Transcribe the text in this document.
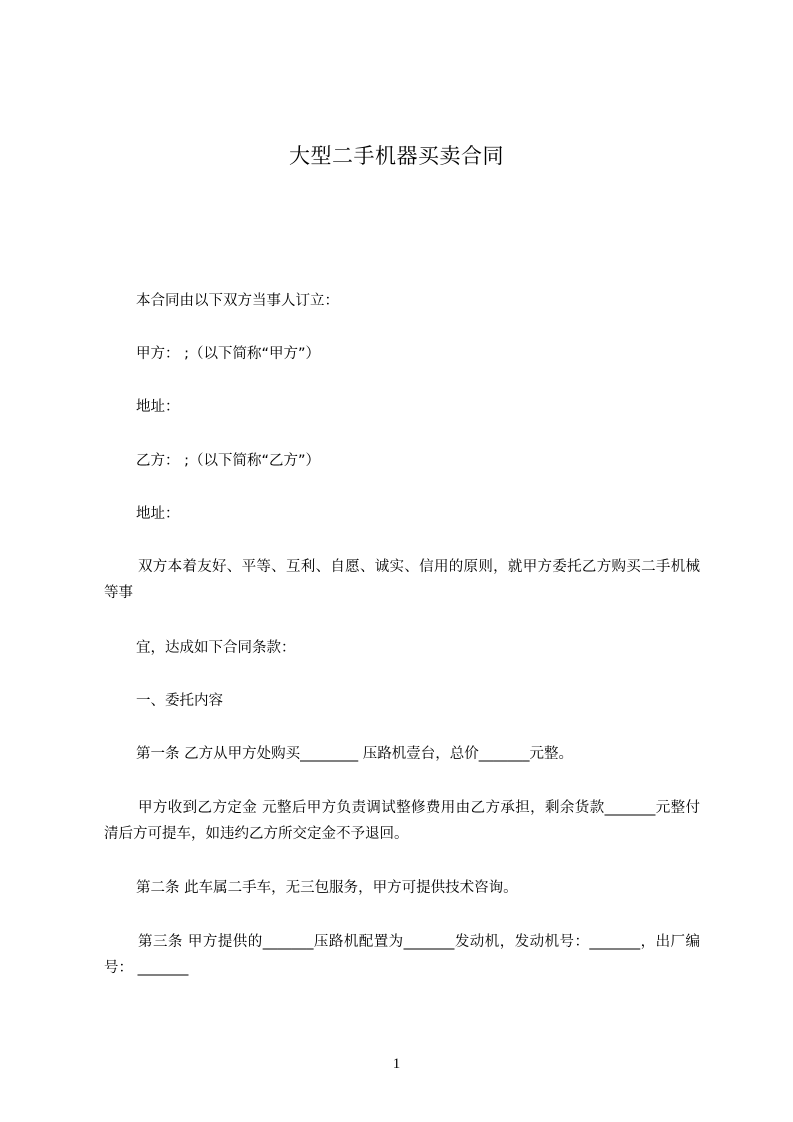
大型二手机器买卖合同

本合同由以下双方当事人订立：

甲方： ;（以下简称“甲方”）

地址：

乙方： ;（以下简称“乙方”）

地址：

双方本着友好、平等、互利、自愿、诚实、信用的原则，就甲方委托乙方购买二手机械等事

宜，达成如下合同条款：

一、委托内容

第一条 乙方从甲方处购买________ 压路机壹台，总价_______元整。

甲方收到乙方定金 元整后甲方负责调试整修费用由乙方承担，剩余货款_______元整付清后方可提车，如违约乙方所交定金不予退回。

第二条 此车属二手车，无三包服务，甲方可提供技术咨询。

第三条 甲方提供的_______压路机配置为_______发动机，发动机号：_______，出厂编号： _______

1
